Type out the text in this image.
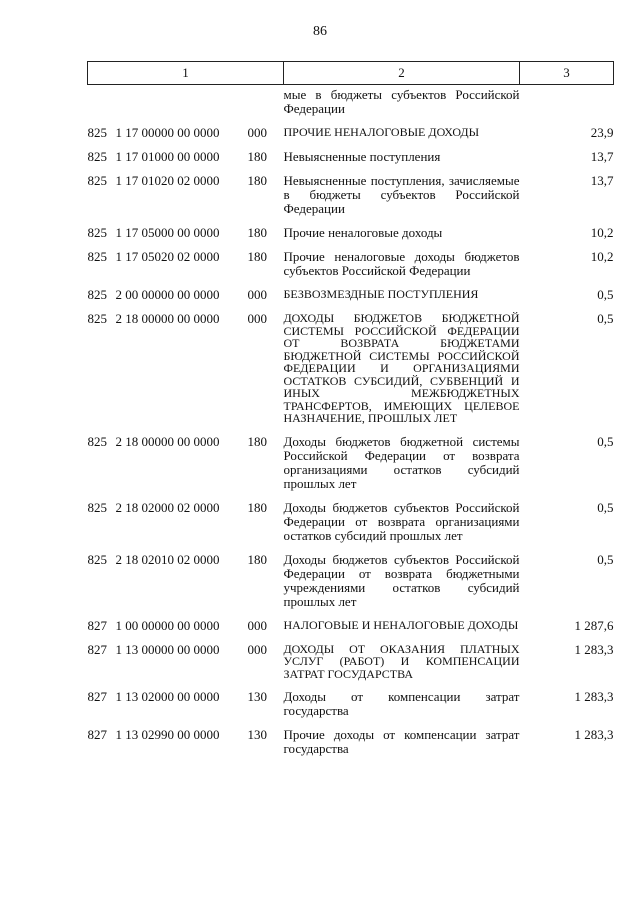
86
1	2	3
	мые в бюджеты субъектов Российской Федерации	
825 1 17 00000 00 0000 000	ПРОЧИЕ НЕНАЛОГОВЫЕ ДОХОДЫ	23,9
825 1 17 01000 00 0000 180	Невыясненные поступления	13,7
825 1 17 01020 02 0000 180	Невыясненные поступления, зачисляемые в бюджеты субъектов Российской Федерации	13,7
825 1 17 05000 00 0000 180	Прочие неналоговые доходы	10,2
825 1 17 05020 02 0000 180	Прочие неналоговые доходы бюджетов субъектов Российской Федерации	10,2
825 2 00 00000 00 0000 000	БЕЗВОЗМЕЗДНЫЕ ПОСТУПЛЕНИЯ	0,5
825 2 18 00000 00 0000 000	ДОХОДЫ БЮДЖЕТОВ БЮДЖЕТНОЙ СИСТЕМЫ РОССИЙСКОЙ ФЕДЕРАЦИИ ОТ ВОЗВРАТА БЮДЖЕТАМИ БЮДЖЕТНОЙ СИСТЕМЫ РОССИЙСКОЙ ФЕДЕРАЦИИ И ОРГАНИЗАЦИЯМИ ОСТАТКОВ СУБСИДИЙ, СУБВЕНЦИЙ И ИНЫХ МЕЖБЮДЖЕТНЫХ ТРАНСФЕРТОВ, ИМЕЮЩИХ ЦЕЛЕВОЕ НАЗНАЧЕНИЕ, ПРОШЛЫХ ЛЕТ	0,5
825 2 18 00000 00 0000 180	Доходы бюджетов бюджетной системы Российской Федерации от возврата организациями остатков субсидий прошлых лет	0,5
825 2 18 02000 02 0000 180	Доходы бюджетов субъектов Российской Федерации от возврата организациями остатков субсидий прошлых лет	0,5
825 2 18 02010 02 0000 180	Доходы бюджетов субъектов Российской Федерации от возврата бюджетными учреждениями остатков субсидий прошлых лет	0,5
827 1 00 00000 00 0000 000	НАЛОГОВЫЕ И НЕНАЛОГОВЫЕ ДОХОДЫ	1 287,6
827 1 13 00000 00 0000 000	ДОХОДЫ ОТ ОКАЗАНИЯ ПЛАТНЫХ УСЛУГ (РАБОТ) И КОМПЕНСАЦИИ ЗАТРАТ ГОСУДАРСТВА	1 283,3
827 1 13 02000 00 0000 130	Доходы от компенсации затрат государства	1 283,3
827 1 13 02990 00 0000 130	Прочие доходы от компенсации затрат государства	1 283,3
